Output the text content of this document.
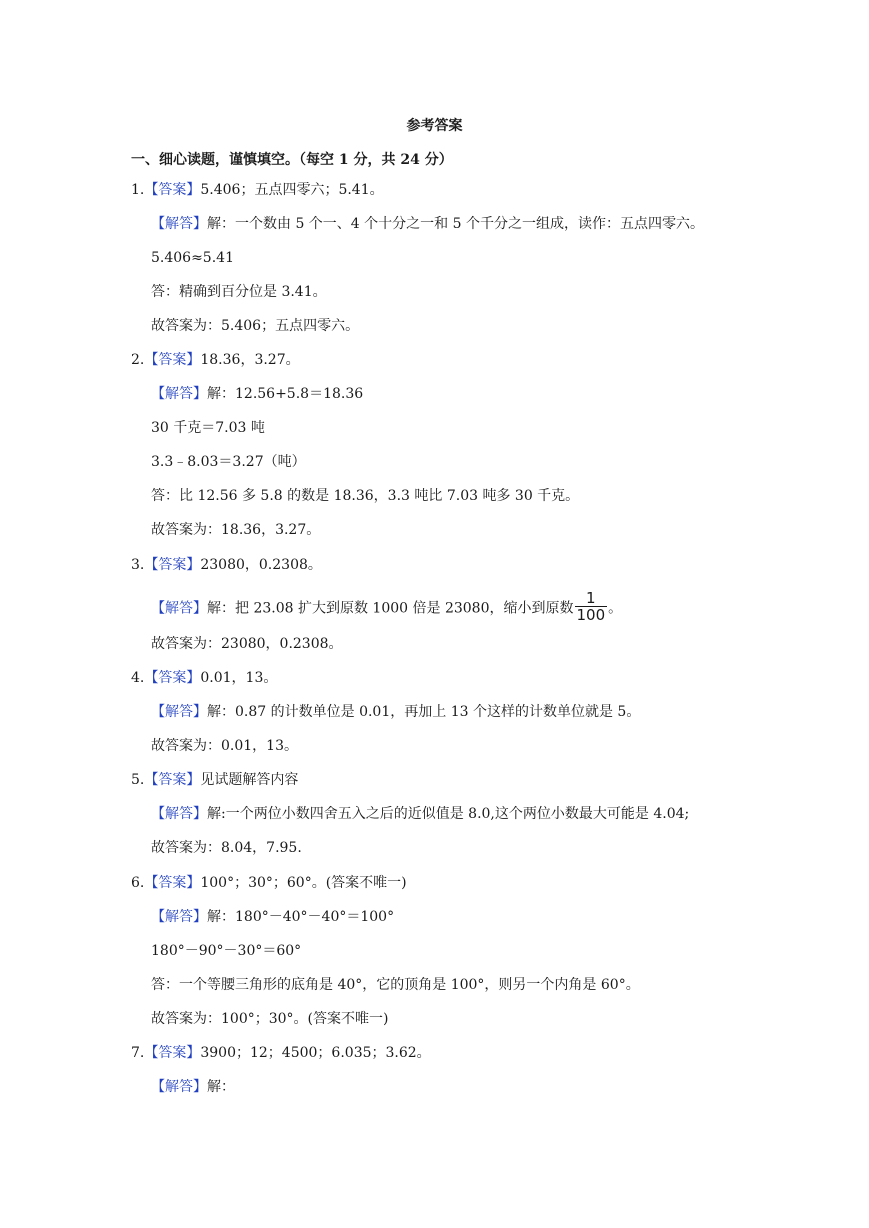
参考答案
一、细心读题，谨慎填空。（每空 1 分，共 24 分）
1.【答案】5.406；五点四零六；5.41。
【解答】解：一个数由 5 个一、4 个十分之一和 5 个千分之一组成，读作：五点四零六。
5.406≈5.41
答：精确到百分位是 3.41。
故答案为：5.406；五点四零六。
2.【答案】18.36，3.27。
【解答】解：12.56+5.8＝18.36
30 千克＝7.03 吨
3.3﹣8.03＝3.27（吨）
答：比 12.56 多 5.8 的数是 18.36，3.3 吨比 7.03 吨多 30 千克。
故答案为：18.36，3.27。
3.【答案】23080，0.2308。
【解答】解：把 23.08 扩大到原数 1000 倍是 23080，缩小到原数 $\frac{1}{100}$ 。
故答案为：23080，0.2308。
4.【答案】0.01，13。
【解答】解：0.87 的计数单位是 0.01，再加上 13 个这样的计数单位就是 5。
故答案为：0.01，13。
5.【答案】见试题解答内容
【解答】解:一个两位小数四舍五入之后的近似值是 8.0,这个两位小数最大可能是 4.04;
故答案为：8.04，7.95.
6.【答案】100°；30°；60°。(答案不唯一)
【解答】解：180°－40°－40°＝100°
180°－90°－30°＝60°
答：一个等腰三角形的底角是 40°，它的顶角是 100°，则另一个内角是 60°。
故答案为：100°；30°。(答案不唯一)
7.【答案】3900；12；4500；6.035；3.62。
【解答】解：
